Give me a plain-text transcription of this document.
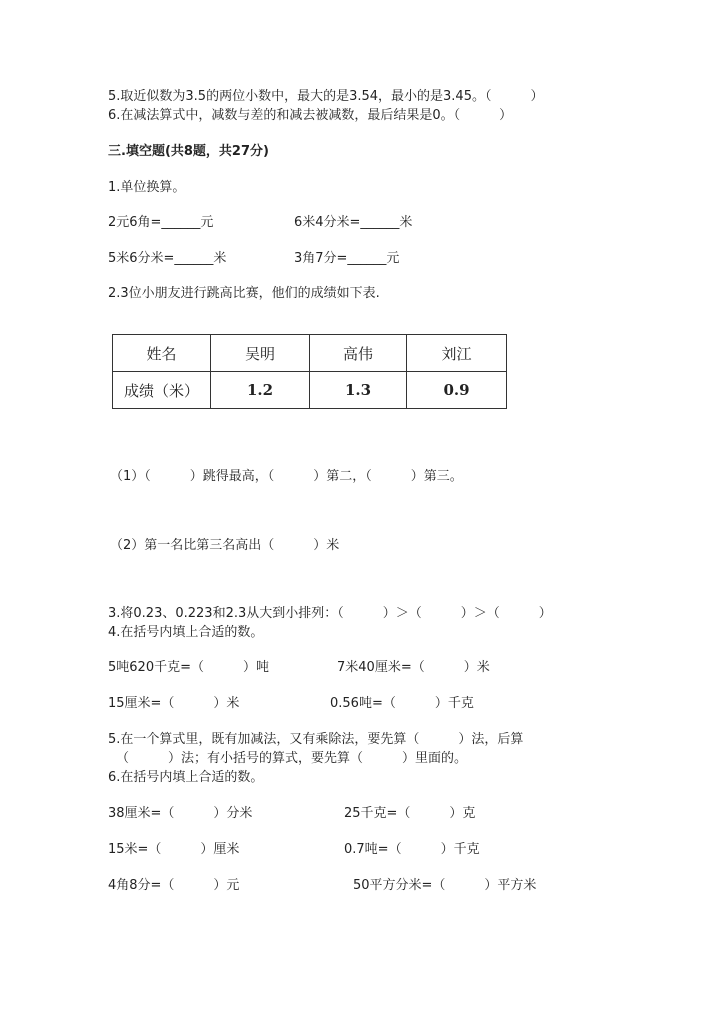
5.取近似数为3.5的两位小数中，最大的是3.54，最小的是3.45。（　　　）
6.在减法算式中，减数与差的和减去被减数，最后结果是0。（　　　）
三.填空题(共8题，共27分)
1.单位换算。
2元6角=______元	6米4分米=______米
5米6分米=______米	3角7分=______元
2.3位小朋友进行跳高比赛，他们的成绩如下表.
姓名	吴明	高伟	刘江
成绩（米）	1.2	1.3	0.9
（1）（　　　）跳得最高，（　　　）第二，（　　　）第三。
（2）第一名比第三名高出（　　　）米
3.将0.23、0.223和2.3从大到小排列：（　　　）＞（　　　）＞（　　　）
4.在括号内填上合适的数。
5吨620千克=（　　　）吨	7米40厘米=（　　　）米
15厘米=（　　　）米	0.56吨=（　　　）千克
5.在一个算式里，既有加减法，又有乘除法，要先算（　　　）法，后算
（　　　）法；有小括号的算式，要先算（　　　）里面的。
6.在括号内填上合适的数。
38厘米=（　　　）分米	25千克=（　　　）克
15米=（　　　）厘米	0.7吨=（　　　）千克
4角8分=（　　　）元	50平方分米=（　　　）平方米
